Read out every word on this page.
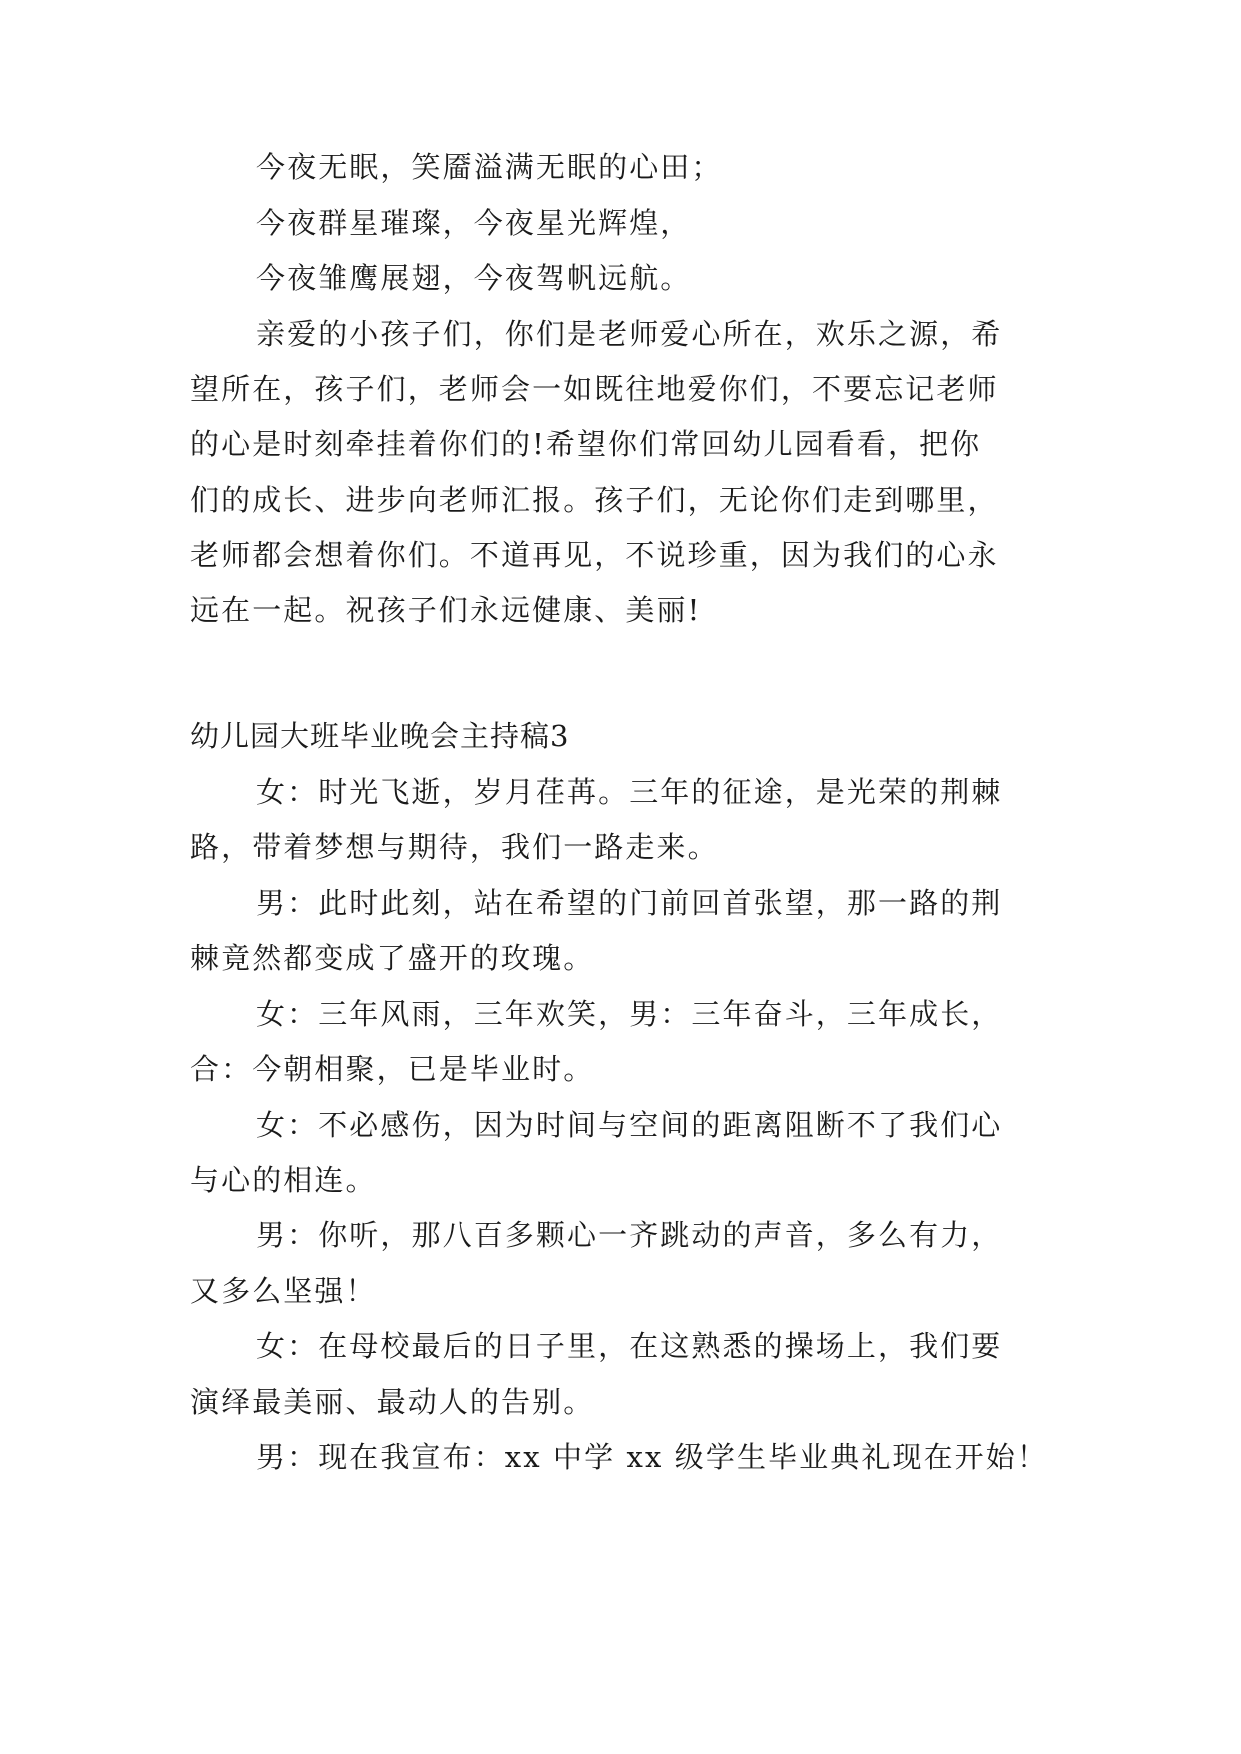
今夜无眠，笑靥溢满无眠的心田；
今夜群星璀璨，今夜星光辉煌，
今夜雏鹰展翅，今夜驾帆远航。
亲爱的小孩子们，你们是老师爱心所在，欢乐之源，希
望所在，孩子们，老师会一如既往地爱你们，不要忘记老师
的心是时刻牵挂着你们的!希望你们常回幼儿园看看，把你
们的成长、进步向老师汇报。孩子们，无论你们走到哪里，
老师都会想着你们。不道再见，不说珍重，因为我们的心永
远在一起。祝孩子们永远健康、美丽!
幼儿园大班毕业晚会主持稿3
女：时光飞逝，岁月荏苒。三年的征途，是光荣的荆棘
路，带着梦想与期待，我们一路走来。
男：此时此刻，站在希望的门前回首张望，那一路的荆
棘竟然都变成了盛开的玫瑰。
女：三年风雨，三年欢笑，男：三年奋斗，三年成长，
合：今朝相聚，已是毕业时。
女：不必感伤，因为时间与空间的距离阻断不了我们心
与心的相连。
男：你听，那八百多颗心一齐跳动的声音，多么有力，
又多么坚强！
女：在母校最后的日子里，在这熟悉的操场上，我们要
演绎最美丽、最动人的告别。
男：现在我宣布：xx 中学 xx 级学生毕业典礼现在开始！
